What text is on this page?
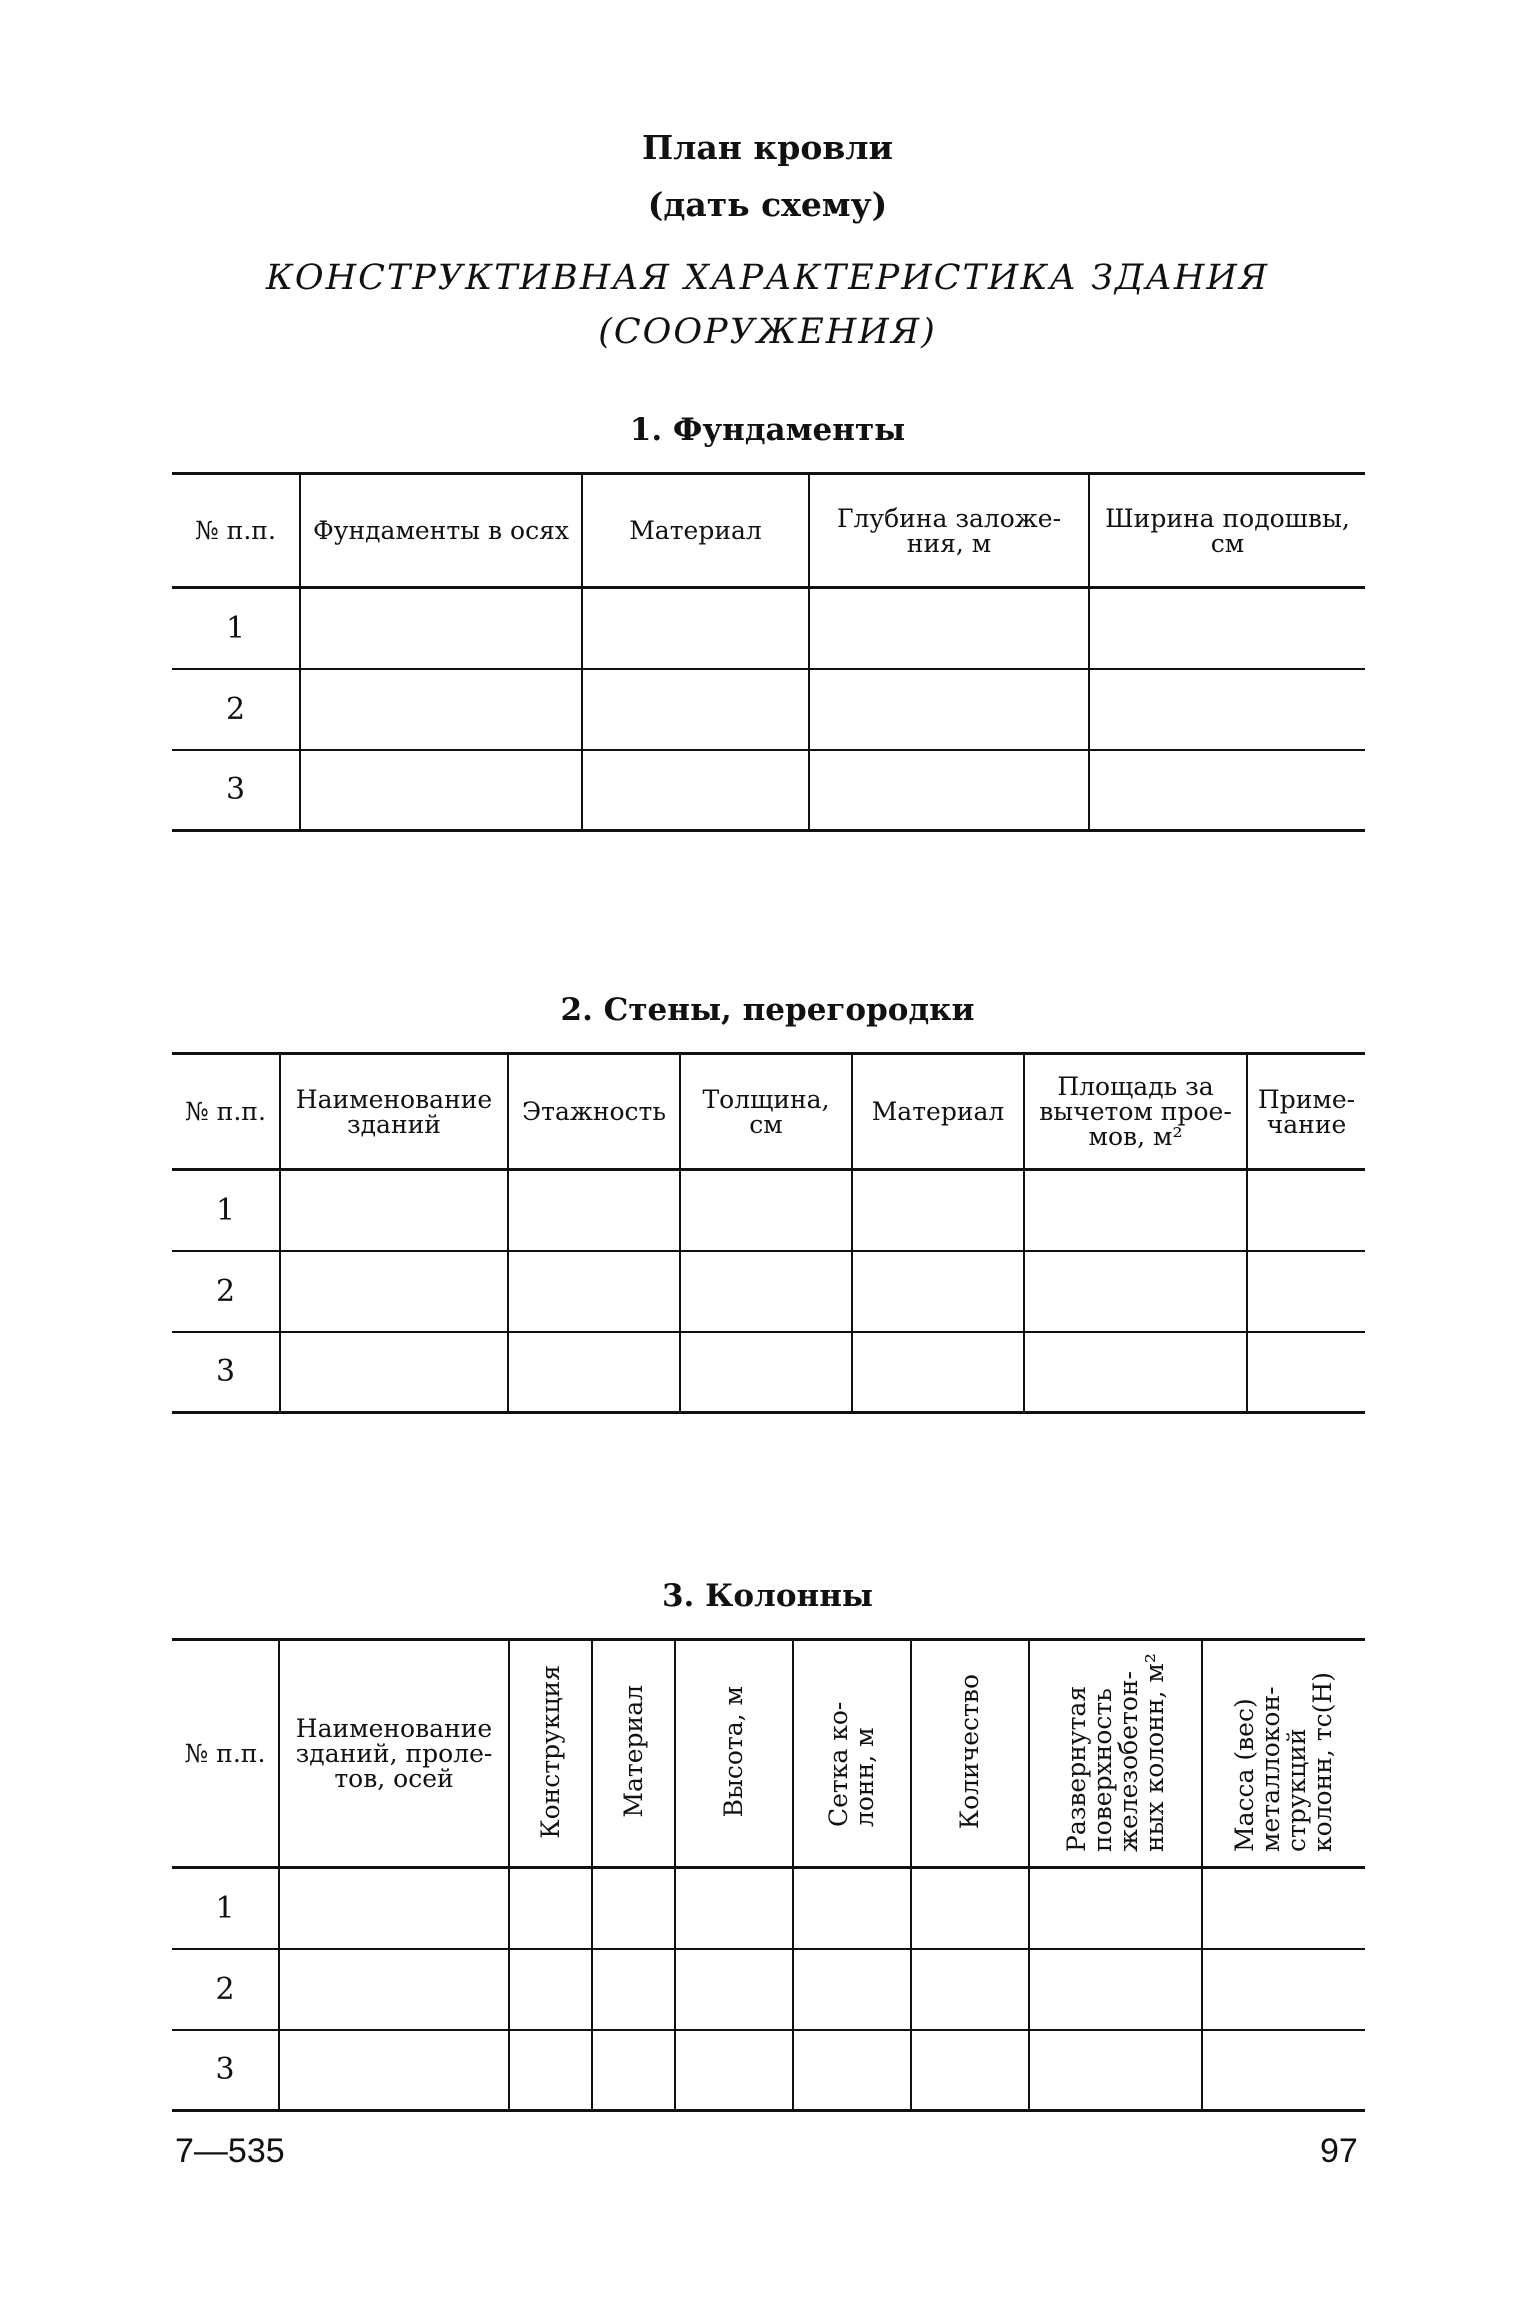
План кровли
(дать схему)
КОНСТРУКТИВНАЯ ХАРАКТЕРИСТИКА ЗДАНИЯ
(СООРУЖЕНИЯ)
1. Фундаменты
№ п.п.	Фундаменты в осях	Материал	Глубина заложе- ния, м	Ширина подошвы, см
1				
2				
3				
2. Стены, перегородки
№ п.п.	Наименование зданий	Этажность	Толщина, см	Материал	Площадь за вычетом прое- мов, м²	Приме- чание
1						
2						
3						
3. Колонны
№ п.п.	Наименование зданий, проле- тов, осей	Конструкция	Материал	Высота, м	Сетка ко- лонн, м	Количество	Развернутая поверхность железобетон- ных колонн, м²	Масса (вес) металлокон- струкций колонн, тс(Н)
1								
2								
3								
7—535	97
